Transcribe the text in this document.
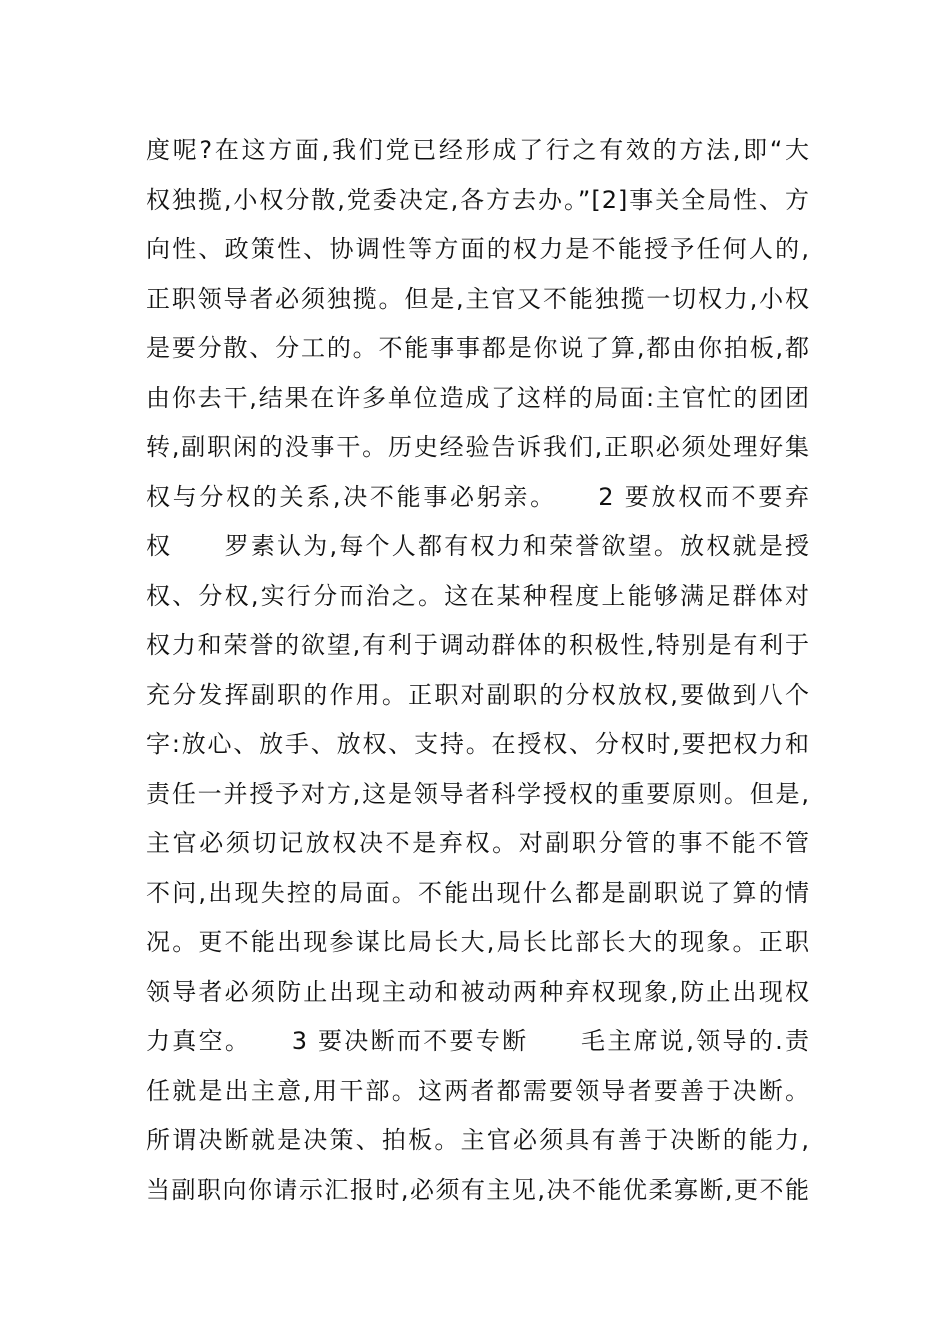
度呢?在这方面,我们党已经形成了行之有效的方法,即“大
权独揽,小权分散,党委决定,各方去办。”[2]事关全局性、方
向性、政策性、协调性等方面的权力是不能授予任何人的,
正职领导者必须独揽。但是,主官又不能独揽一切权力,小权
是要分散、分工的。不能事事都是你说了算,都由你拍板,都
由你去干,结果在许多单位造成了这样的局面:主官忙的团团
转,副职闲的没事干。历史经验告诉我们,正职必须处理好集
权与分权的关系,决不能事必躬亲。　　2 要放权而不要弃
权　　罗素认为,每个人都有权力和荣誉欲望。放权就是授
权、分权,实行分而治之。这在某种程度上能够满足群体对
权力和荣誉的欲望,有利于调动群体的积极性,特别是有利于
充分发挥副职的作用。正职对副职的分权放权,要做到八个
字:放心、放手、放权、支持。在授权、分权时,要把权力和
责任一并授予对方,这是领导者科学授权的重要原则。但是,
主官必须切记放权决不是弃权。对副职分管的事不能不管
不问,出现失控的局面。不能出现什么都是副职说了算的情
况。更不能出现参谋比局长大,局长比部长大的现象。正职
领导者必须防止出现主动和被动两种弃权现象,防止出现权
力真空。　　3 要决断而不要专断　　毛主席说,领导的.责
任就是出主意,用干部。这两者都需要领导者要善于决断。
所谓决断就是决策、拍板。主官必须具有善于决断的能力,
当副职向你请示汇报时,必须有主见,决不能优柔寡断,更不能
